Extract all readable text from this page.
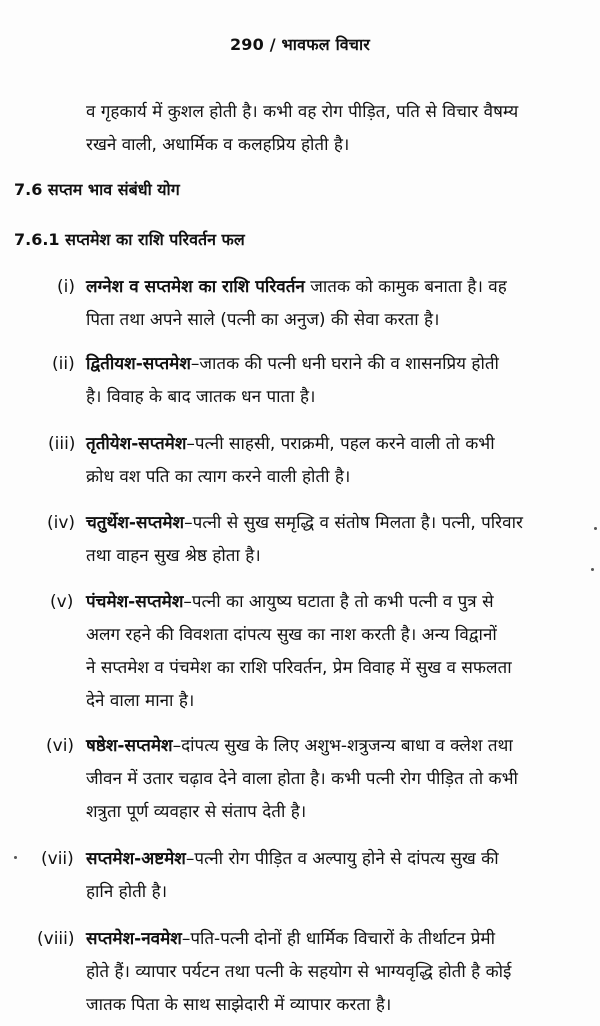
290 / भावफल विचार
व गृहकार्य में कुशल होती है। कभी वह रोग पीड़ित, पति से विचार वैषम्य
रखने वाली, अधार्मिक व कलहप्रिय होती है।
7.6 सप्तम भाव संबंधी योग
7.6.1 सप्तमेश का राशि परिवर्तन फल
(i) लग्नेश व सप्तमेश का राशि परिवर्तन जातक को कामुक बनाता है। वह
पिता तथा अपने साले (पत्नी का अनुज) की सेवा करता है।
(ii) द्वितीयश-सप्तमेश–जातक की पत्नी धनी घराने की व शासनप्रिय होती
है। विवाह के बाद जातक धन पाता है।
(iii) तृतीयेश-सप्तमेश–पत्नी साहसी, पराक्रमी, पहल करने वाली तो कभी
क्रोध वश पति का त्याग करने वाली होती है।
(iv) चतुर्थेश-सप्तमेश–पत्नी से सुख समृद्धि व संतोष मिलता है। पत्नी, परिवार
तथा वाहन सुख श्रेष्ठ होता है।
(v) पंचमेश-सप्तमेश–पत्नी का आयुष्य घटाता है तो कभी पत्नी व पुत्र से
अलग रहने की विवशता दांपत्य सुख का नाश करती है। अन्य विद्वानों
ने सप्तमेश व पंचमेश का राशि परिवर्तन, प्रेम विवाह में सुख व सफलता
देने वाला माना है।
(vi) षष्ठेश-सप्तमेश–दांपत्य सुख के लिए अशुभ-शत्रुजन्य बाधा व क्लेश तथा
जीवन में उतार चढ़ाव देने वाला होता है। कभी पत्नी रोग पीड़ित तो कभी
शत्रुता पूर्ण व्यवहार से संताप देती है।
(vii) सप्तमेश-अष्टमेश–पत्नी रोग पीड़ित व अल्पायु होने से दांपत्य सुख की
हानि होती है।
(viii) सप्तमेश-नवमेश–पति-पत्नी दोनों ही धार्मिक विचारों के तीर्थाटन प्रेमी
होते हैं। व्यापार पर्यटन तथा पत्नी के सहयोग से भाग्यवृद्धि होती है कोई
जातक पिता के साथ साझेदारी में व्यापार करता है।
